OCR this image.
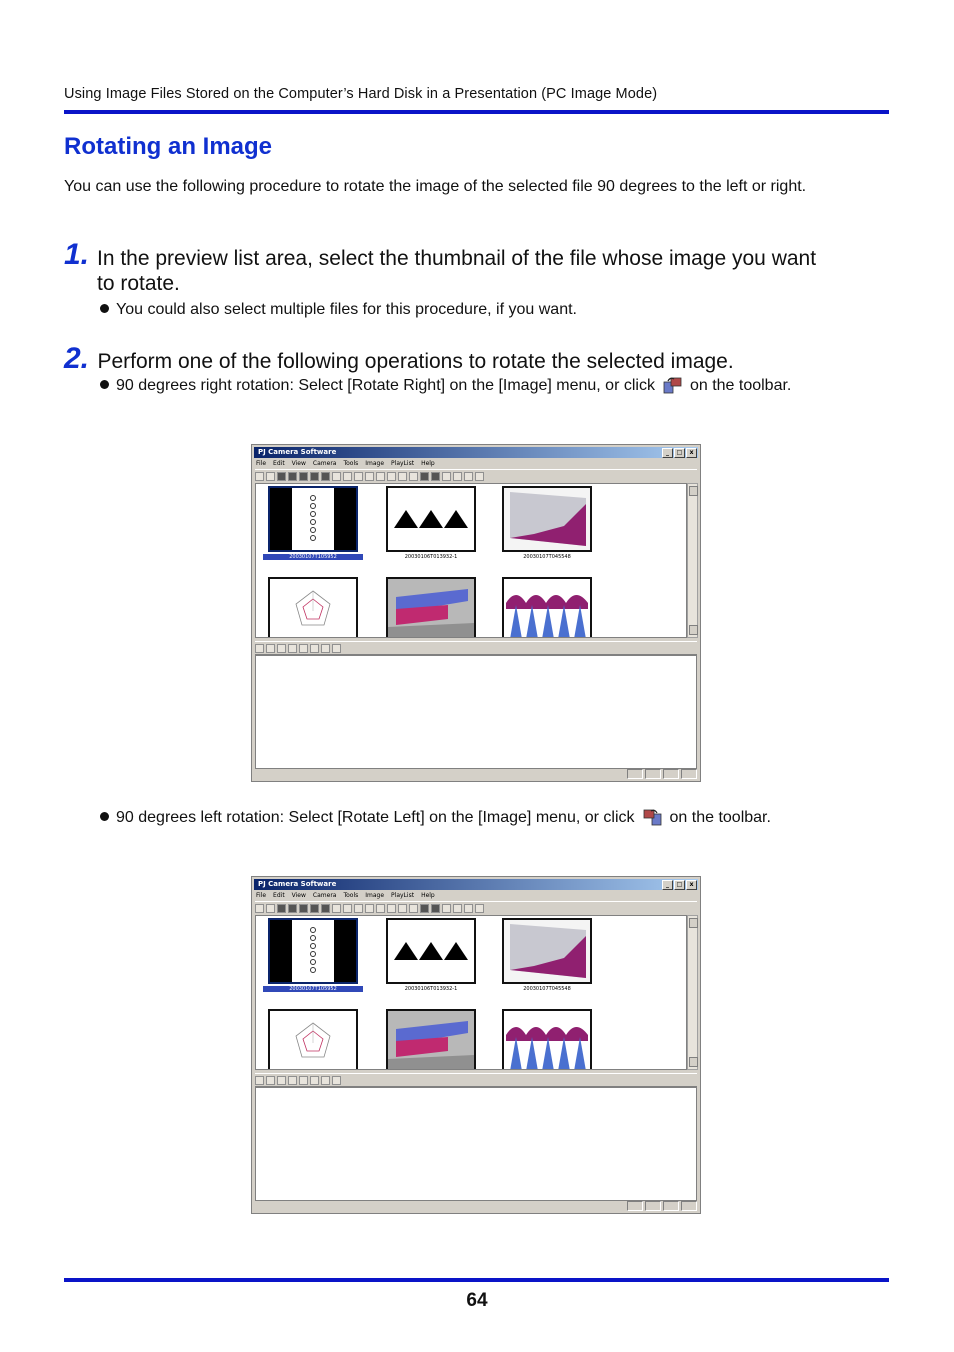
Using Image Files Stored on the Computer’s Hard Disk in a Presentation (PC Image Mode)
Rotating an Image
You can use the following procedure to rotate the image of the selected file 90 degrees to the left or right.
1. In the preview list area, select the thumbnail of the file whose image you want to rotate.
You could also select multiple files for this procedure, if you want.
2. Perform one of the following operations to rotate the selected image.
90 degrees right rotation: Select [Rotate Right] on the [Image] menu, or click on the toolbar.
PJ Camera Software	_	□	x
File Edit View Camera Tools Image PlayList Help
20030107T105952	20030106T013932-1	20030107T045548
90 degrees left rotation: Select [Rotate Left] on the [Image] menu, or click on the toolbar.
PJ Camera Software	_	□	x
File Edit View Camera Tools Image PlayList Help
20030107T105952	20030106T013932-1	20030107T045548
64
